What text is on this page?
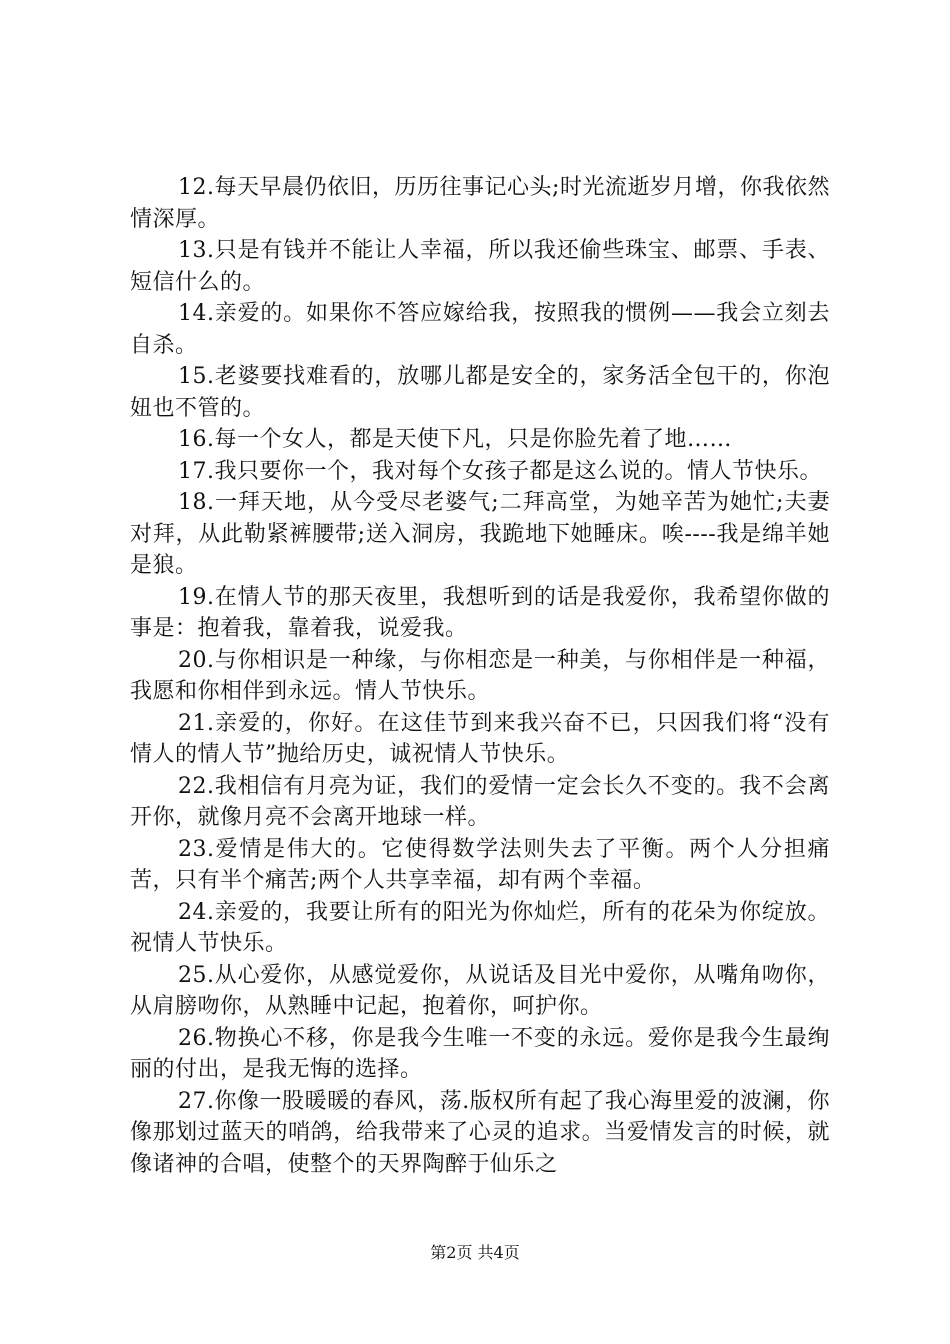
12.每天早晨仍依旧，历历往事记心头;时光流逝岁月增，你我依然情深厚。

13.只是有钱并不能让人幸福，所以我还偷些珠宝、邮票、手表、短信什么的。

14.亲爱的。如果你不答应嫁给我，按照我的惯例——我会立刻去自杀。

15.老婆要找难看的，放哪儿都是安全的，家务活全包干的，你泡妞也不管的。

16.每一个女人，都是天使下凡，只是你脸先着了地……

17.我只要你一个，我对每个女孩子都是这么说的。情人节快乐。

18.一拜天地，从今受尽老婆气;二拜高堂，为她辛苦为她忙;夫妻对拜，从此勒紧裤腰带;送入洞房，我跪地下她睡床。唉----我是绵羊她是狼。

19.在情人节的那天夜里，我想听到的话是我爱你，我希望你做的事是：抱着我，靠着我，说爱我。

20.与你相识是一种缘，与你相恋是一种美，与你相伴是一种福，我愿和你相伴到永远。情人节快乐。

21.亲爱的，你好。在这佳节到来我兴奋不已，只因我们将“没有情人的情人节”抛给历史，诚祝情人节快乐。

22.我相信有月亮为证，我们的爱情一定会长久不变的。我不会离开你，就像月亮不会离开地球一样。

23.爱情是伟大的。它使得数学法则失去了平衡。两个人分担痛苦，只有半个痛苦;两个人共享幸福，却有两个幸福。

24.亲爱的，我要让所有的阳光为你灿烂，所有的花朵为你绽放。祝情人节快乐。

25.从心爱你，从感觉爱你，从说话及目光中爱你，从嘴角吻你，从肩膀吻你，从熟睡中记起，抱着你，呵护你。

26.物换心不移，你是我今生唯一不变的永远。爱你是我今生最绚丽的付出，是我无悔的选择。

27.你像一股暖暖的春风，荡.版权所有起了我心海里爱的波澜，你像那划过蓝天的哨鸽，给我带来了心灵的追求。当爱情发言的时候，就像诸神的合唱，使整个的天界陶醉于仙乐之

第2页 共4页
